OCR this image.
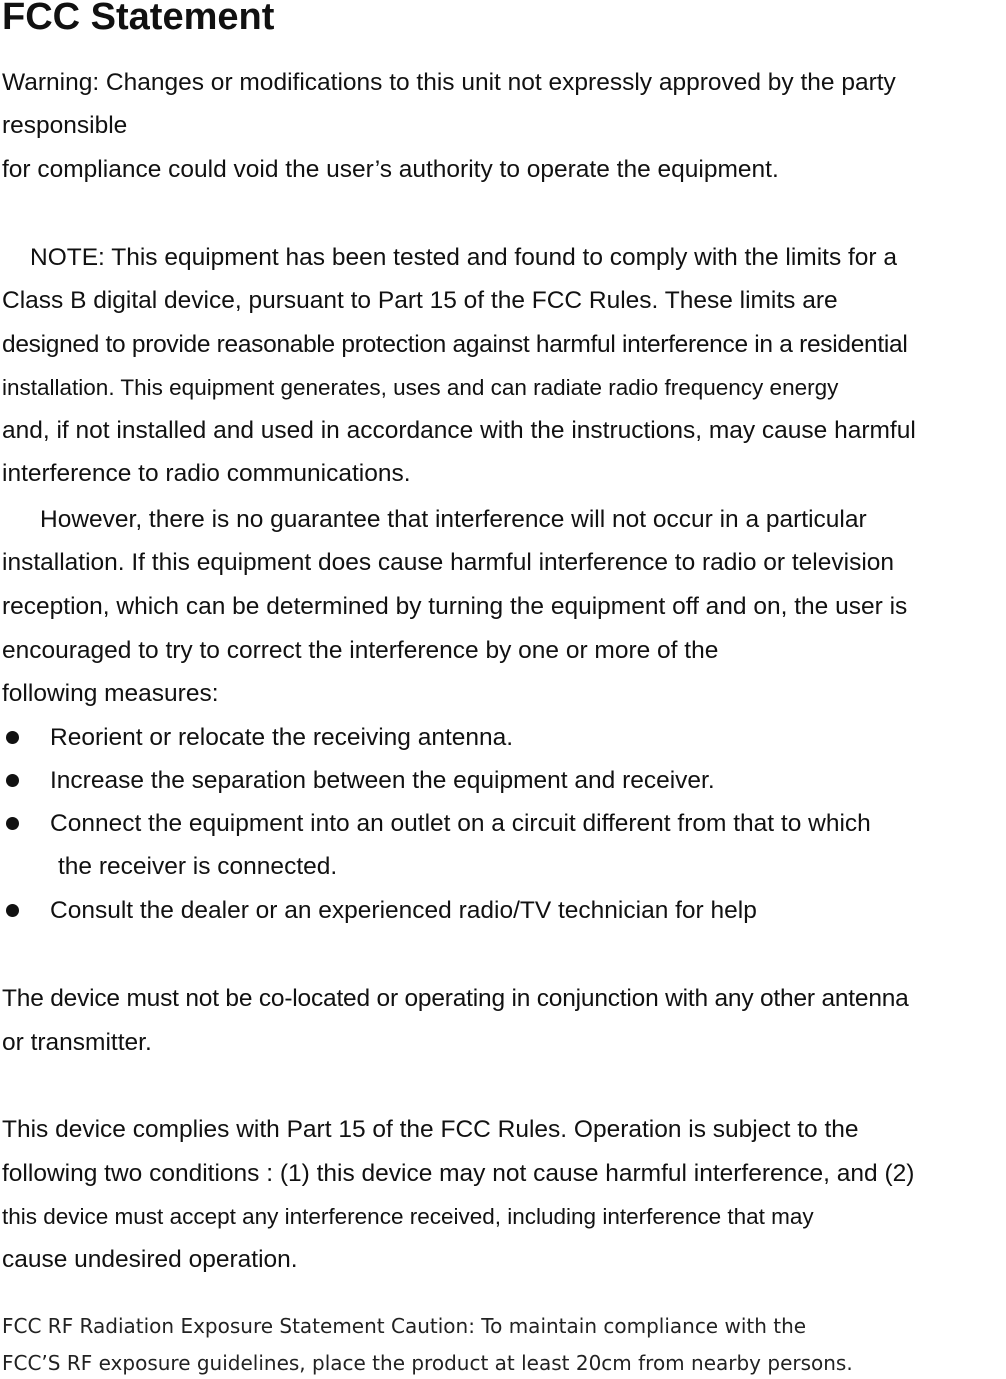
FCC Statement

Warning: Changes or modifications to this unit not expressly approved by the party

responsible

for compliance could void the user’s authority to operate the equipment.

NOTE: This equipment has been tested and found to comply with the limits for a

Class B digital device, pursuant to Part 15 of the FCC Rules. These limits are

designed to provide reasonable protection against harmful interference in a residential

installation. This equipment generates, uses and can radiate radio frequency energy

and, if not installed and used in accordance with the instructions, may cause harmful

interference to radio communications.

However, there is no guarantee that interference will not occur in a particular

installation. If this equipment does cause harmful interference to radio or television

reception, which can be determined by turning the equipment off and on, the user is

encouraged to try to correct the interference by one or more of the

following measures:

Reorient or relocate the receiving antenna.

Increase the separation between the equipment and receiver.

Connect the equipment into an outlet on a circuit different from that to which

the receiver is connected.

Consult the dealer or an experienced radio/TV technician for help

The device must not be co-located or operating in conjunction with any other antenna

or transmitter.

This device complies with Part 15 of the FCC Rules. Operation is subject to the

following two conditions : (1) this device may not cause harmful interference, and (2)

this device must accept any interference received, including interference that may

cause undesired operation.

FCC RF Radiation Exposure Statement Caution: To maintain compliance with the

FCC’S RF exposure guidelines, place the product at least 20cm from nearby persons.
